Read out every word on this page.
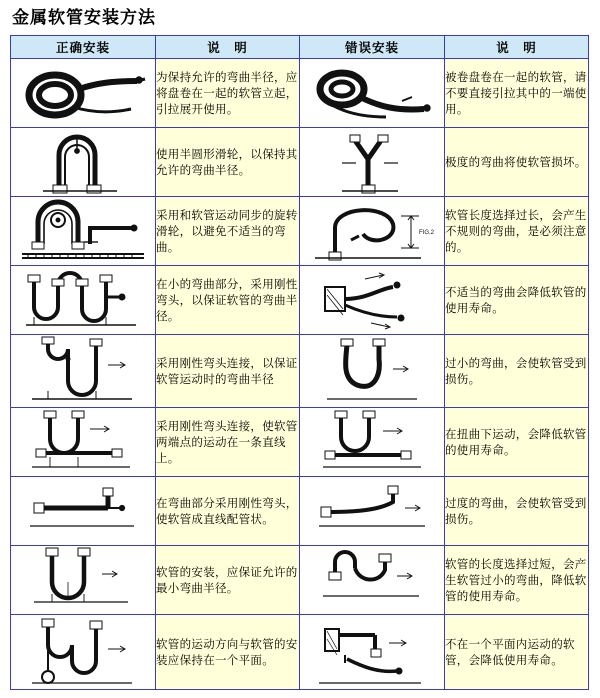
金属软管安装方法
正确安装	说　明	错误安装	说　明

	为保持允许的弯曲半径，应将盘卷在一起的软管立起，引拉展开使用。		被卷盘卷在一起的软管，请不要直接引拉其中的一端使用。

	使用半圆形滑轮，以保持其允许的弯曲半径。		极度的弯曲将使软管损坏。

	采用和软管运动同步的旋转滑轮，以避免不适当的弯曲。	FIG.2	软管长度选择过长，会产生不规则的弯曲，是必须注意的。

	在小的弯曲部分，采用刚性弯头，以保证软管的弯曲半径。		不适当的弯曲会降低软管的使用寿命。

	采用刚性弯头连接，以保证软管运动时的弯曲半径		过小的弯曲，会使软管受到损伤。

	采用刚性弯头连接，使软管两端点的运动在一条直线上。		在扭曲下运动，会降低软管的使用寿命。

	在弯曲部分采用刚性弯头，使软管成直线配管状。		过度的弯曲，会使软管受到损伤。

	软管的安装，应保证允许的最小弯曲半径。		软管的长度选择过短，会产生软管过小的弯曲，降低软管的使用寿命。

	软管的运动方向与软管的安装应保持在一个平面。		不在一个平面内运动的软管，会降低使用寿命。
